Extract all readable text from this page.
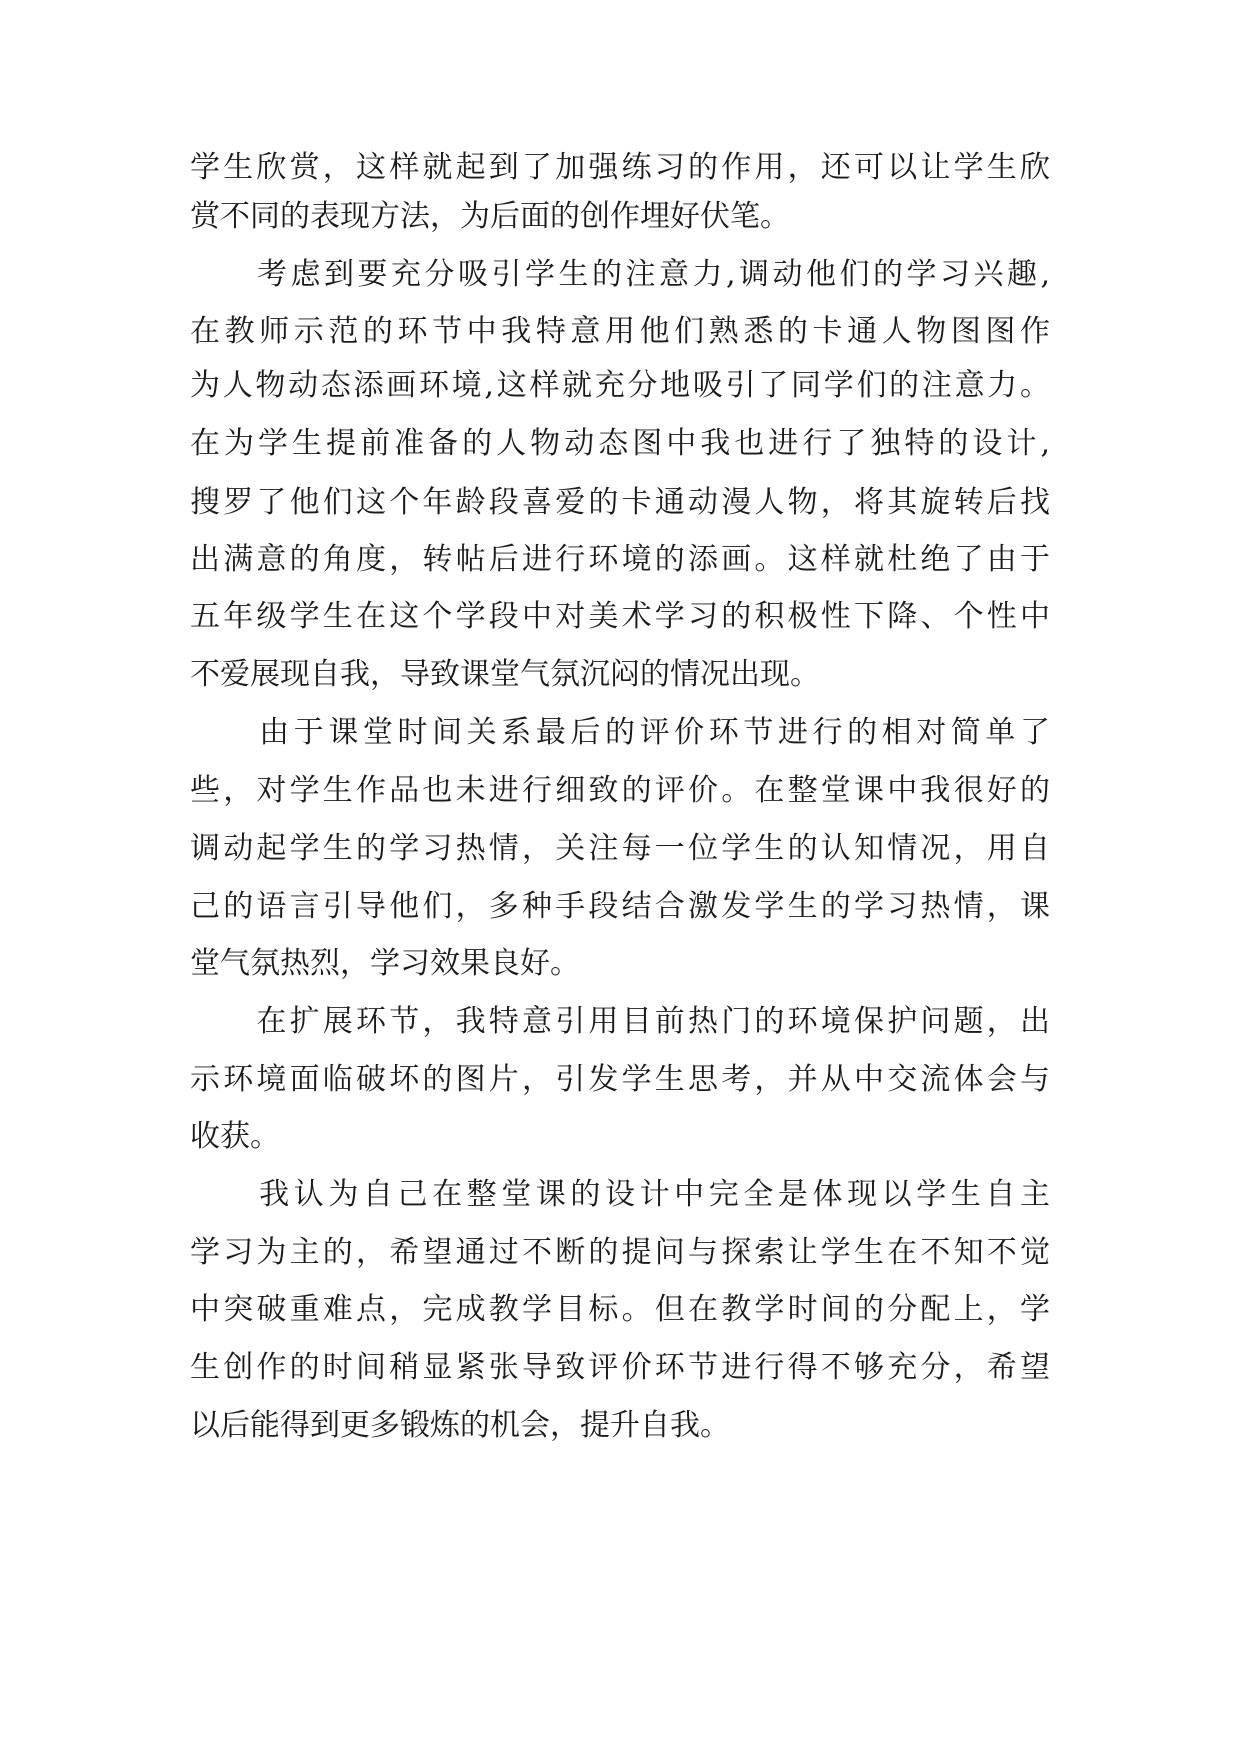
学生欣赏，这样就起到了加强练习的作用，还可以让学生欣
赏不同的表现方法，为后面的创作埋好伏笔。
　　考虑到要充分吸引学生的注意力,调动他们的学习兴趣,
在教师示范的环节中我特意用他们熟悉的卡通人物图图作
为人物动态添画环境,这样就充分地吸引了同学们的注意力。
在为学生提前准备的人物动态图中我也进行了独特的设计,
搜罗了他们这个年龄段喜爱的卡通动漫人物，将其旋转后找
出满意的角度，转帖后进行环境的添画。这样就杜绝了由于
五年级学生在这个学段中对美术学习的积极性下降、个性中
不爱展现自我，导致课堂气氛沉闷的情况出现。
　　由于课堂时间关系最后的评价环节进行的相对简单了
些，对学生作品也未进行细致的评价。在整堂课中我很好的
调动起学生的学习热情，关注每一位学生的认知情况，用自
己的语言引导他们，多种手段结合激发学生的学习热情，课
堂气氛热烈，学习效果良好。
　　在扩展环节，我特意引用目前热门的环境保护问题，出
示环境面临破坏的图片，引发学生思考，并从中交流体会与
收获。
　　我认为自己在整堂课的设计中完全是体现以学生自主
学习为主的，希望通过不断的提问与探索让学生在不知不觉
中突破重难点，完成教学目标。但在教学时间的分配上，学
生创作的时间稍显紧张导致评价环节进行得不够充分，希望
以后能得到更多锻炼的机会，提升自我。
